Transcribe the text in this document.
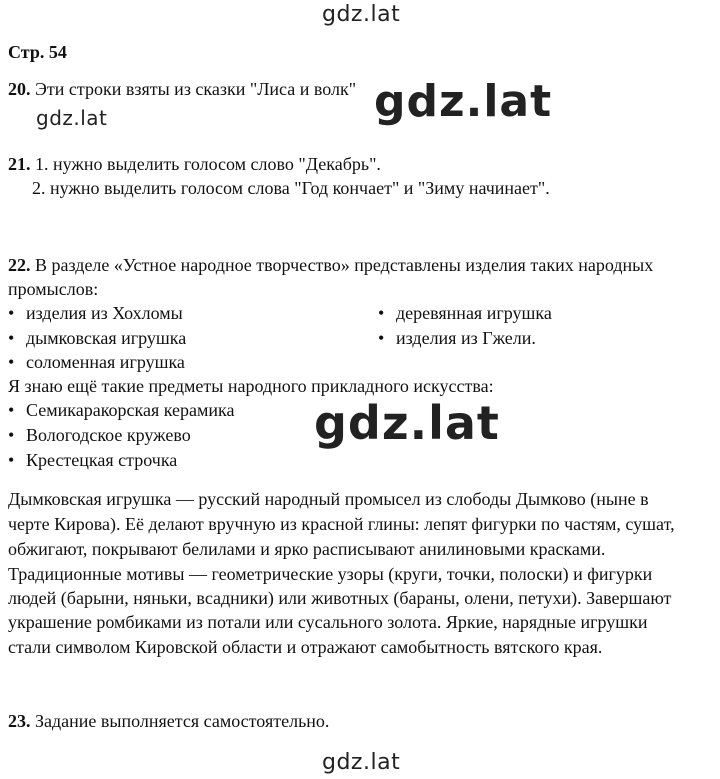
gdz.lat
Стр. 54
20. Эти строки взяты из сказки "Лиса и волк" gdz.lat
gdz.lat
21. 1. нужно выделить голосом слово "Декабрь".
2. нужно выделить голосом слова "Год кончает" и "Зиму начинает".
22. В разделе «Устное народное творчество» представлены изделия таких народных
промыслов:
• изделия из Хохломы
• дымковская игрушка
• соломенная игрушка
• деревянная игрушка
• изделия из Гжели.
Я знаю ещё такие предметы народного прикладного искусства:
• Семикаракорская керамика
• Вологодское кружево
• Крестецкая строчка
gdz.lat
Дымковская игрушка — русский народный промысел из слободы Дымково (ныне в
черте Кирова). Её делают вручную из красной глины: лепят фигурки по частям, сушат,
обжигают, покрывают белилами и ярко расписывают анилиновыми красками.
Традиционные мотивы — геометрические узоры (круги, точки, полоски) и фигурки
людей (барыни, няньки, всадники) или животных (бараны, олени, петухи). Завершают
украшение ромбиками из потали или сусального золота. Яркие, нарядные игрушки
стали символом Кировской области и отражают самобытность вятского края.
23. Задание выполняется самостоятельно.
gdz.lat
